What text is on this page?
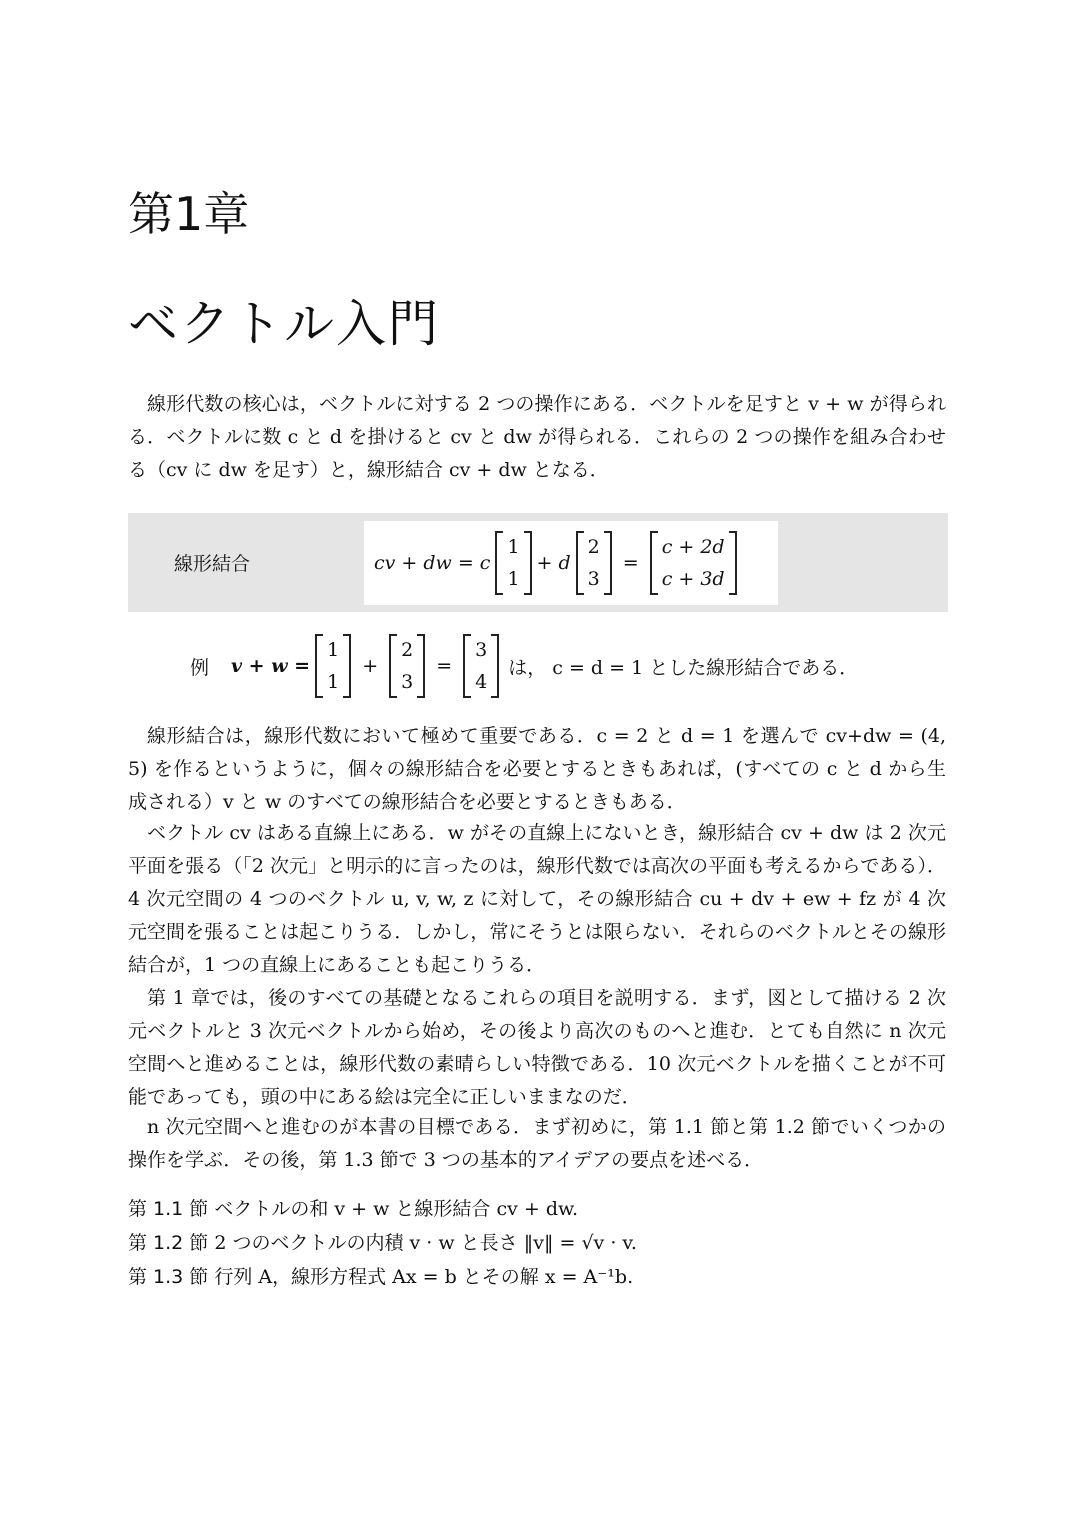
第1章
ベクトル入門
線形代数の核心は，ベクトルに対する 2 つの操作にある．ベクトルを足すと v + w が得られる．ベクトルに数 c と d を掛けると cv と dw が得られる．これらの 2 つの操作を組み合わせる（cv に dw を足す）と，線形結合 cv + dw となる．
線形結合	cv + dw = c
1
1
+ d
2
3
=
c + 2d
c + 3d
例 v + w =
1
1
+
2
3
=
3
4
は， c = d = 1 とした線形結合である．
線形結合は，線形代数において極めて重要である．c = 2 と d = 1 を選んで cv+dw = (4, 5) を作るというように，個々の線形結合を必要とするときもあれば，(すべての c と d から生成される）v と w のすべての線形結合を必要とするときもある．
ベクトル cv はある直線上にある．w がその直線上にないとき，線形結合 cv + dw は 2 次元平面を張る（「2 次元」と明示的に言ったのは，線形代数では高次の平面も考えるからである）．4 次元空間の 4 つのベクトル u, v, w, z に対して，その線形結合 cu + dv + ew + fz が 4 次元空間を張ることは起こりうる．しかし，常にそうとは限らない．それらのベクトルとその線形結合が，1 つの直線上にあることも起こりうる．
第 1 章では，後のすべての基礎となるこれらの項目を説明する．まず，図として描ける 2 次元ベクトルと 3 次元ベクトルから始め，その後より高次のものへと進む．とても自然に n 次元空間へと進めることは，線形代数の素晴らしい特徴である．10 次元ベクトルを描くことが不可能であっても，頭の中にある絵は完全に正しいままなのだ．
n 次元空間へと進むのが本書の目標である．まず初めに，第 1.1 節と第 1.2 節でいくつかの操作を学ぶ．その後，第 1.3 節で 3 つの基本的アイデアの要点を述べる．
第 1.1 節 ベクトルの和 v + w と線形結合 cv + dw.
第 1.2 節 2 つのベクトルの内積 v · w と長さ ‖v‖ = √v · v.
第 1.3 節 行列 A，線形方程式 Ax = b とその解 x = A⁻¹b.
